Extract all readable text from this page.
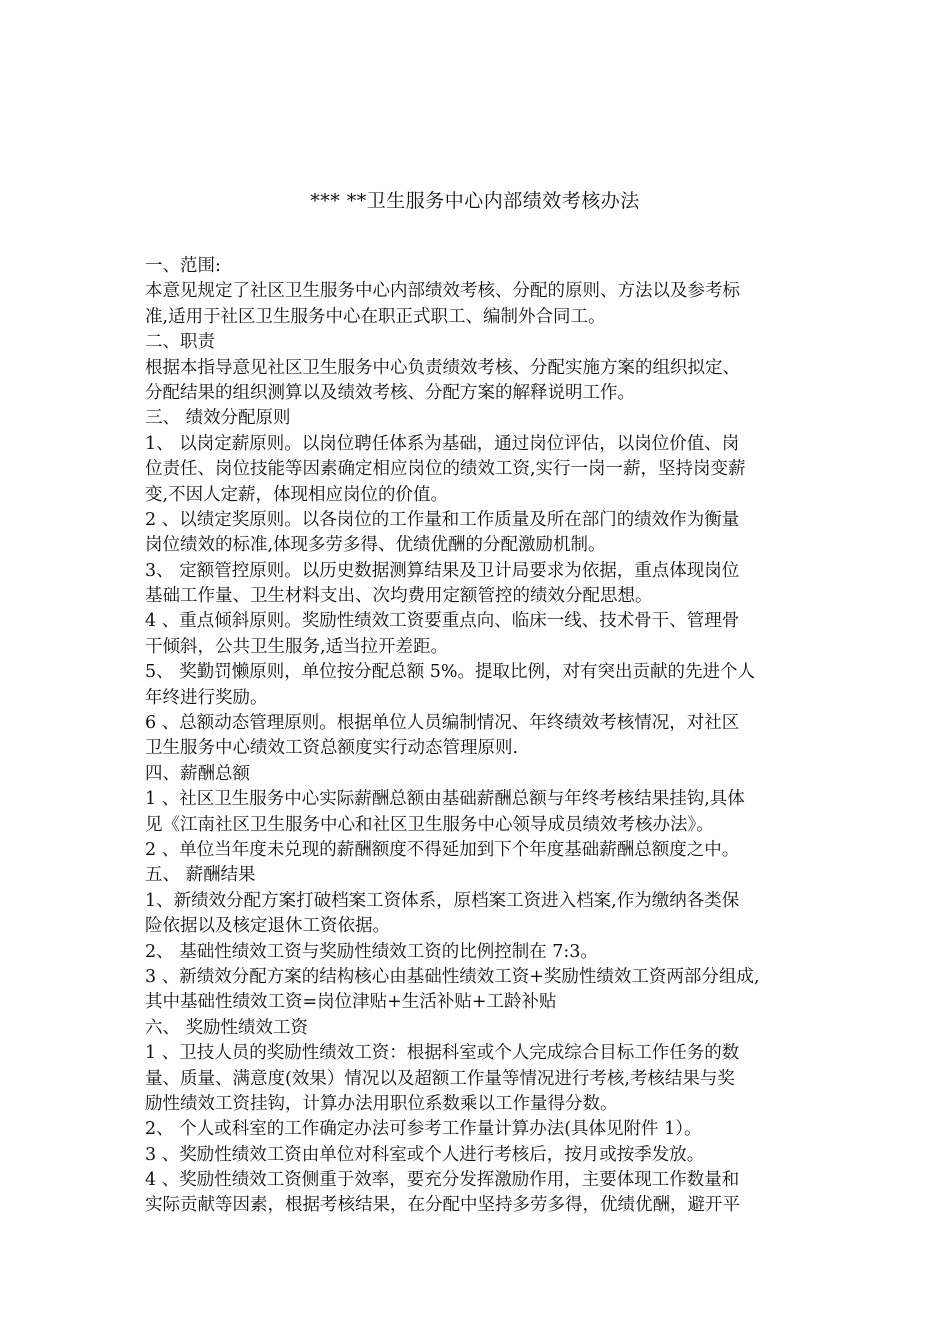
*** **卫生服务中心内部绩效考核办法
一、范围:
本意见规定了社区卫生服务中心内部绩效考核、分配的原则、方法以及参考标
准,适用于社区卫生服务中心在职正式职工、编制外合同工。
二、职责
根据本指导意见社区卫生服务中心负责绩效考核、分配实施方案的组织拟定、
分配结果的组织测算以及绩效考核、分配方案的解释说明工作。
三、 绩效分配原则
1、 以岗定薪原则。以岗位聘任体系为基础，通过岗位评估，以岗位价值、岗
位责任、岗位技能等因素确定相应岗位的绩效工资,实行一岗一薪，坚持岗变薪
变,不因人定薪，体现相应岗位的价值。
2 、以绩定奖原则。以各岗位的工作量和工作质量及所在部门的绩效作为衡量
岗位绩效的标准,体现多劳多得、优绩优酬的分配激励机制。
3、 定额管控原则。以历史数据测算结果及卫计局要求为依据，重点体现岗位
基础工作量、卫生材料支出、次均费用定额管控的绩效分配思想。
4 、重点倾斜原则。奖励性绩效工资要重点向、临床一线、技术骨干、管理骨
干倾斜，公共卫生服务,适当拉开差距。
5、 奖勤罚懒原则，单位按分配总额 5%。提取比例，对有突出贡献的先进个人
年终进行奖励。
6 、总额动态管理原则。根据单位人员编制情况、年终绩效考核情况，对社区
卫生服务中心绩效工资总额度实行动态管理原则.
四、薪酬总额
1 、社区卫生服务中心实际薪酬总额由基础薪酬总额与年终考核结果挂钩,具体
见《江南社区卫生服务中心和社区卫生服务中心领导成员绩效考核办法》。
2 、单位当年度未兑现的薪酬额度不得延加到下个年度基础薪酬总额度之中。
五、 薪酬结果
1、新绩效分配方案打破档案工资体系，原档案工资进入档案,作为缴纳各类保
险依据以及核定退休工资依据。
2、 基础性绩效工资与奖励性绩效工资的比例控制在 7:3。
3 、新绩效分配方案的结构核心由基础性绩效工资+奖励性绩效工资两部分组成,
其中基础性绩效工资=岗位津贴+生活补贴+工龄补贴
六、 奖励性绩效工资
1 、卫技人员的奖励性绩效工资：根据科室或个人完成综合目标工作任务的数
量、质量、满意度(效果）情况以及超额工作量等情况进行考核,考核结果与奖
励性绩效工资挂钩，计算办法用职位系数乘以工作量得分数。
2、 个人或科室的工作确定办法可参考工作量计算办法(具体见附件 1）。
3 、奖励性绩效工资由单位对科室或个人进行考核后，按月或按季发放。
4 、奖励性绩效工资侧重于效率，要充分发挥激励作用，主要体现工作数量和
实际贡献等因素，根据考核结果，在分配中坚持多劳多得，优绩优酬，避开平
